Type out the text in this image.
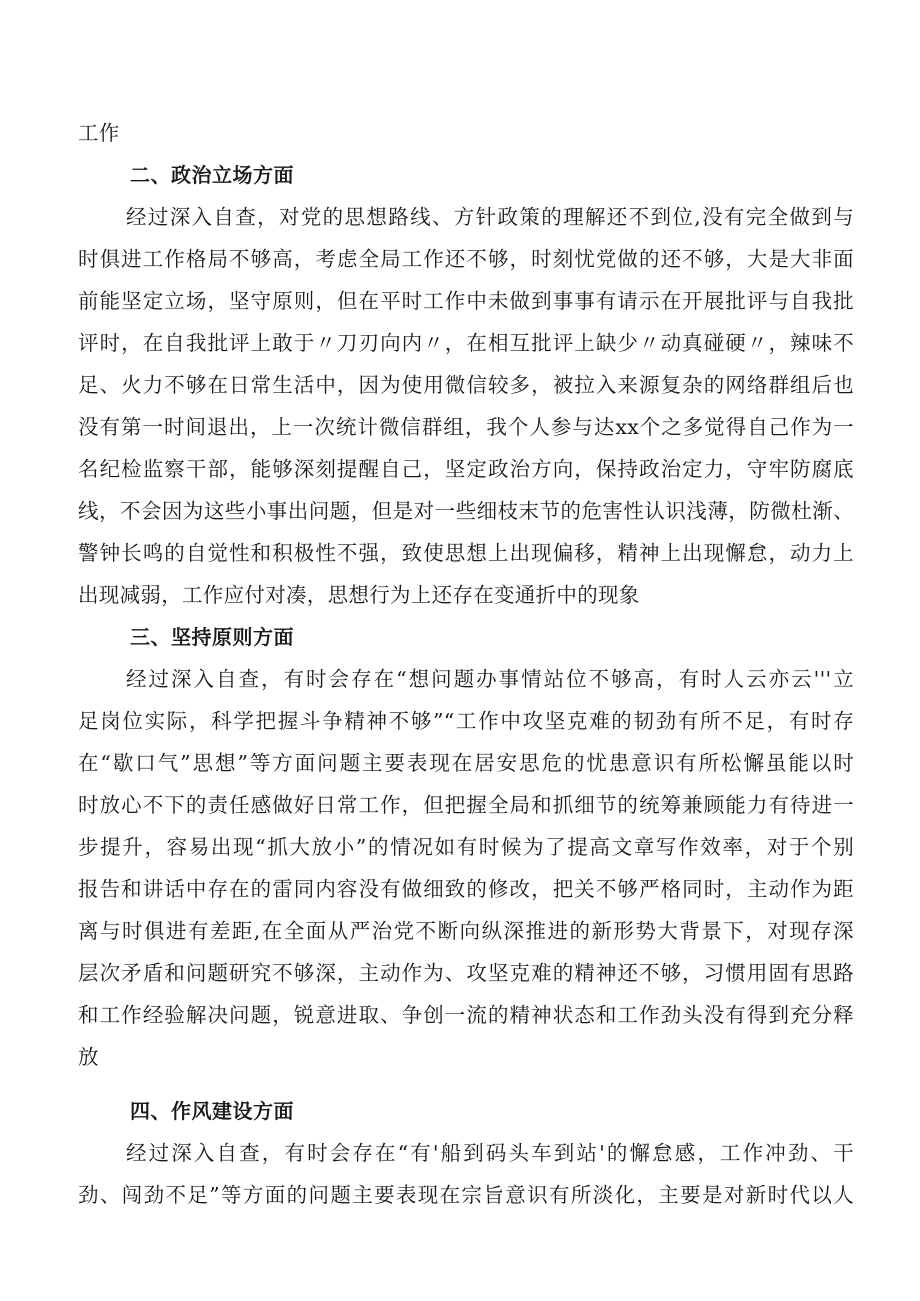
工作
二、政治立场方面
经过深入自查，对党的思想路线、方针政策的理解还不到位,没有完全做到与
时俱进工作格局不够高，考虑全局工作还不够，时刻忧党做的还不够，大是大非面
前能坚定立场，坚守原则，但在平时工作中未做到事事有请示在开展批评与自我批
评时，在自我批评上敢于〃刀刃向内〃，在相互批评上缺少〃动真碰硬〃，辣味不
足、火力不够在日常生活中，因为使用微信较多，被拉入来源复杂的网络群组后也
没有第一时间退出，上一次统计微信群组，我个人参与达xx个之多觉得自己作为一
名纪检监察干部，能够深刻提醒自己，坚定政治方向，保持政治定力，守牢防腐底
线，不会因为这些小事出问题，但是对一些细枝末节的危害性认识浅薄，防微杜渐、
警钟长鸣的自觉性和积极性不强，致使思想上出现偏移，精神上出现懈怠，动力上
出现减弱，工作应付对凑，思想行为上还存在变通折中的现象
三、坚持原则方面
经过深入自查，有时会存在“想问题办事情站位不够高，有时人云亦云'''立
足岗位实际，科学把握斗争精神不够”“工作中攻坚克难的韧劲有所不足，有时存
在“歇口气”思想”等方面问题主要表现在居安思危的忧患意识有所松懈虽能以时
时放心不下的责任感做好日常工作，但把握全局和抓细节的统筹兼顾能力有待进一
步提升，容易出现“抓大放小”的情况如有时候为了提高文章写作效率，对于个别
报告和讲话中存在的雷同内容没有做细致的修改，把关不够严格同时，主动作为距
离与时俱进有差距,在全面从严治党不断向纵深推进的新形势大背景下，对现存深
层次矛盾和问题研究不够深，主动作为、攻坚克难的精神还不够，习惯用固有思路
和工作经验解决问题，锐意进取、争创一流的精神状态和工作劲头没有得到充分释
放
四、作风建设方面
经过深入自查，有时会存在“有'船到码头车到站'的懈怠感，工作冲劲、干
劲、闯劲不足”等方面的问题主要表现在宗旨意识有所淡化，主要是对新时代以人
